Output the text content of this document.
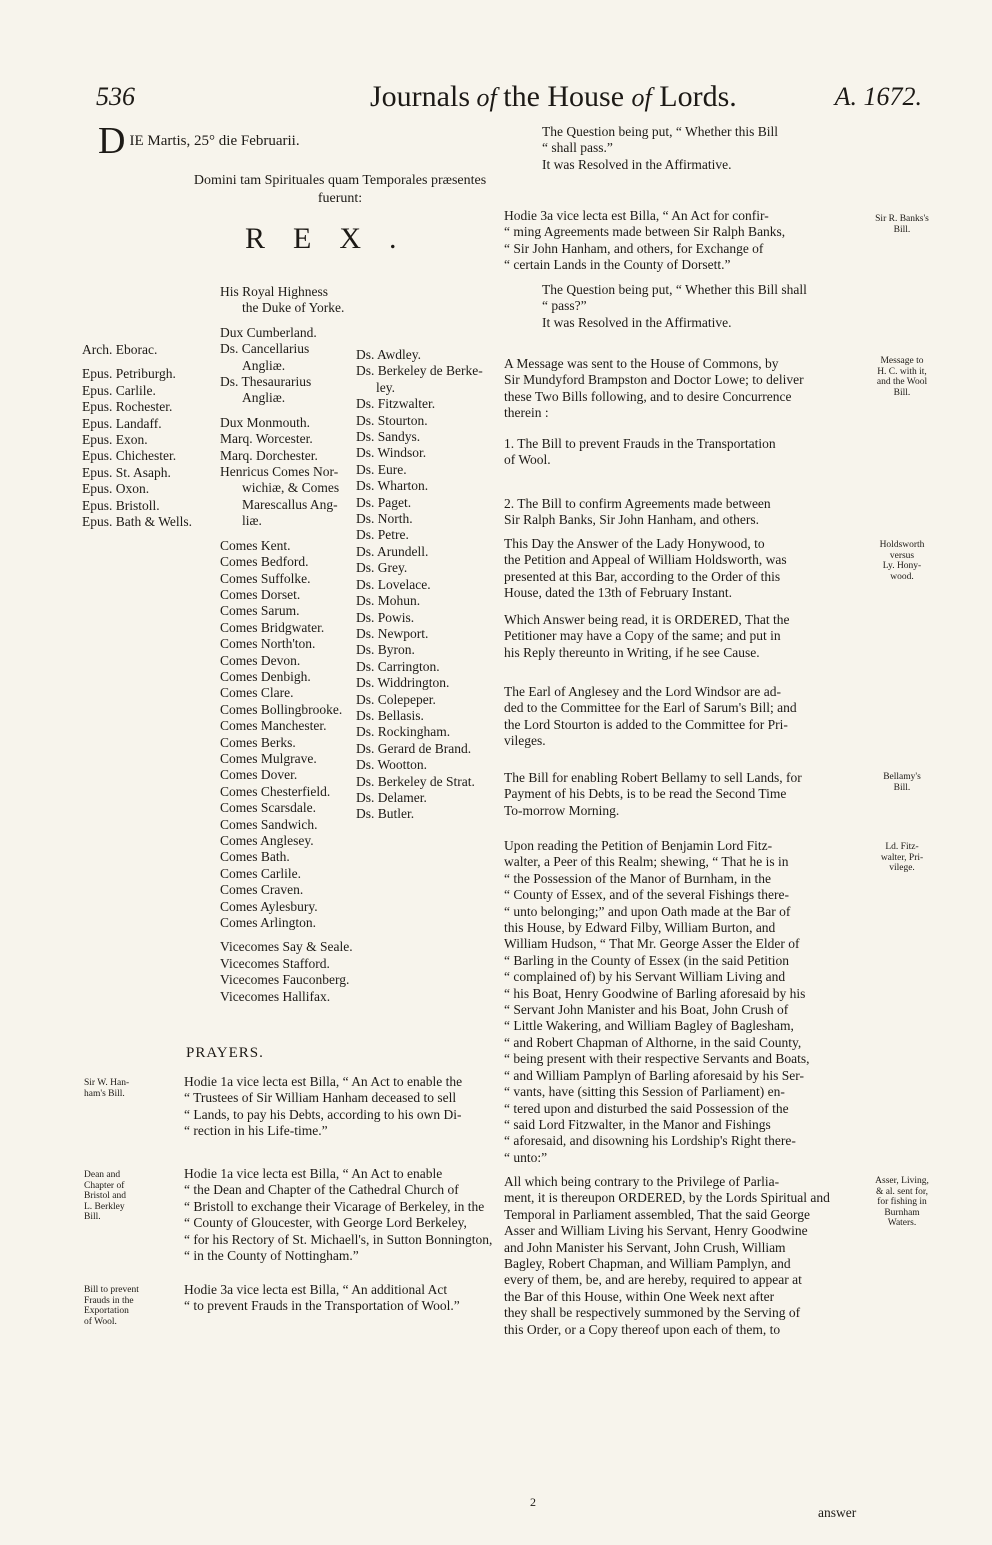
536	Journals of the House of Lords.	A. 1672.
DIE Martis, 25° die Februarii.
Domini tam Spirituales quam Temporales præsentes
fuerunt:
REX.
Arch. Eborac.
Epus. Petriburgh.
Epus. Carlile.
Epus. Rochester.
Epus. Landaff.
Epus. Exon.
Epus. Chichester.
Epus. St. Asaph.
Epus. Oxon.
Epus. Bristoll.
Epus. Bath & Wells.
His Royal Highness
the Duke of Yorke.
Dux Cumberland.
Ds. Cancellarius
Angliæ.
Ds. Thesaurarius
Angliæ.
Dux Monmouth.
Marq. Worcester.
Marq. Dorchester.
Henricus Comes Nor-
wichiæ, & Comes
Marescallus Ang-
liæ.
Comes Kent.
Comes Bedford.
Comes Suffolke.
Comes Dorset.
Comes Sarum.
Comes Bridgwater.
Comes North'ton.
Comes Devon.
Comes Denbigh.
Comes Clare.
Comes Bollingbrooke.
Comes Manchester.
Comes Berks.
Comes Mulgrave.
Comes Dover.
Comes Chesterfield.
Comes Scarsdale.
Comes Sandwich.
Comes Anglesey.
Comes Bath.
Comes Carlile.
Comes Craven.
Comes Aylesbury.
Comes Arlington.
Vicecomes Say & Seale.
Vicecomes Stafford.
Vicecomes Fauconberg.
Vicecomes Hallifax.
Ds. Awdley.
Ds. Berkeley de Berke-
ley.
Ds. Fitzwalter.
Ds. Stourton.
Ds. Sandys.
Ds. Windsor.
Ds. Eure.
Ds. Wharton.
Ds. Paget.
Ds. North.
Ds. Petre.
Ds. Arundell.
Ds. Grey.
Ds. Lovelace.
Ds. Mohun.
Ds. Powis.
Ds. Newport.
Ds. Byron.
Ds. Carrington.
Ds. Widdrington.
Ds. Colepeper.
Ds. Bellasis.
Ds. Rockingham.
Ds. Gerard de Brand.
Ds. Wootton.
Ds. Berkeley de Strat.
Ds. Delamer.
Ds. Butler.
PRAYERS.
Sir W. Han-
ham's Bill.
Hodie 1a vice lecta est Billa, “ An Act to enable the
“ Trustees of Sir William Hanham deceased to sell
“ Lands, to pay his Debts, according to his own Di-
“ rection in his Life-time.”
Dean and
Chapter of
Bristol and
L. Berkley
Bill.
Hodie 1a vice lecta est Billa, “ An Act to enable
“ the Dean and Chapter of the Cathedral Church of
“ Bristoll to exchange their Vicarage of Berkeley, in the
“ County of Gloucester, with George Lord Berkeley,
“ for his Rectory of St. Michaell's, in Sutton Bonnington,
“ in the County of Nottingham.”
Bill to prevent
Frauds in the
Exportation
of Wool.
Hodie 3a vice lecta est Billa, “ An additional Act
“ to prevent Frauds in the Transportation of Wool.”
The Question being put, “ Whether this Bill
“ shall pass.”
It was Resolved in the Affirmative.
Sir R. Banks's
Bill.
Hodie 3a vice lecta est Billa, “ An Act for confir-
“ ming Agreements made between Sir Ralph Banks,
“ Sir John Hanham, and others, for Exchange of
“ certain Lands in the County of Dorsett.”
The Question being put, “ Whether this Bill shall
“ pass?”
It was Resolved in the Affirmative.
Message to
H. C. with it,
and the Wool
Bill.
A Message was sent to the House of Commons, by
Sir Mundyford Brampston and Doctor Lowe; to deliver
these Two Bills following, and to desire Concurrence
therein :
1. The Bill to prevent Frauds in the Transportation
of Wool.
2. The Bill to confirm Agreements made between
Sir Ralph Banks, Sir John Hanham, and others.
Holdsworth
versus
Ly. Hony-
wood.
This Day the Answer of the Lady Honywood, to
the Petition and Appeal of William Holdsworth, was
presented at this Bar, according to the Order of this
House, dated the 13th of February Instant.
Which Answer being read, it is ORDERED, That the
Petitioner may have a Copy of the same; and put in
his Reply thereunto in Writing, if he see Cause.
The Earl of Anglesey and the Lord Windsor are ad-
ded to the Committee for the Earl of Sarum's Bill; and
the Lord Stourton is added to the Committee for Pri-
vileges.
Bellamy's
Bill.
The Bill for enabling Robert Bellamy to sell Lands, for
Payment of his Debts, is to be read the Second Time
To-morrow Morning.
Ld. Fitz-
walter, Pri-
vilege.
Upon reading the Petition of Benjamin Lord Fitz-
walter, a Peer of this Realm; shewing, “ That he is in
“ the Possession of the Manor of Burnham, in the
“ County of Essex, and of the several Fishings there-
“ unto belonging;” and upon Oath made at the Bar of
this House, by Edward Filby, William Burton, and
William Hudson, “ That Mr. George Asser the Elder of
“ Barling in the County of Essex (in the said Petition
“ complained of) by his Servant William Living and
“ his Boat, Henry Goodwine of Barling aforesaid by his
“ Servant John Manister and his Boat, John Crush of
“ Little Wakering, and William Bagley of Baglesham,
“ and Robert Chapman of Althorne, in the said County,
“ being present with their respective Servants and Boats,
“ and William Pamplyn of Barling aforesaid by his Ser-
“ vants, have (sitting this Session of Parliament) en-
“ tered upon and disturbed the said Possession of the
“ said Lord Fitzwalter, in the Manor and Fishings
“ aforesaid, and disowning his Lordship's Right there-
“ unto:”
Asser, Living,
& al. sent for,
for fishing in
Burnham
Waters.
All which being contrary to the Privilege of Parlia-
ment, it is thereupon ORDERED, by the Lords Spiritual and
Temporal in Parliament assembled, That the said George
Asser and William Living his Servant, Henry Goodwine
and John Manister his Servant, John Crush, William
Bagley, Robert Chapman, and William Pamplyn, and
every of them, be, and are hereby, required to appear at
the Bar of this House, within One Week next after
they shall be respectively summoned by the Serving of
this Order, or a Copy thereof upon each of them, to
2
answer
